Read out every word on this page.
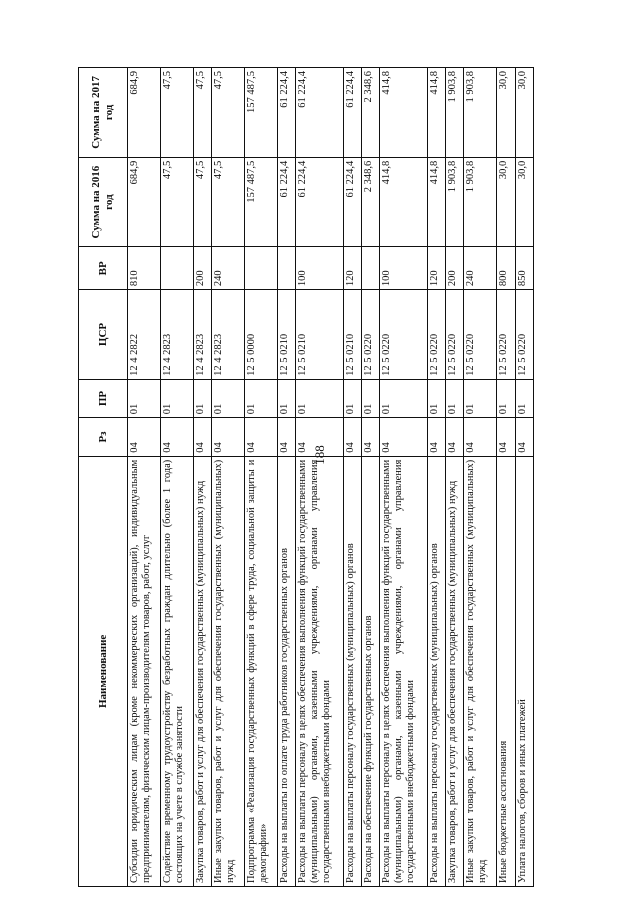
188
Наименование	Рз	ПР	ЦСР	ВР	Сумма на 2016 год	Сумма на 2017 год
Субсидии юридическим лицам (кроме некоммерческих организаций), индивидуальным предпринимателям, физическим лицам-производителям товаров, работ, услуг	04	01	12 4 2822	810	684,9	684,9
Содействие временному трудоустройству безработных граждан длительно (более 1 года) состоящих на учете в службе занятости	04	01	12 4 2823		47,5	47,5
Закупка товаров, работ и услуг для обеспечения государственных (муниципальных) нужд	04	01	12 4 2823	200	47,5	47,5
Иные закупки товаров, работ и услуг для обеспечения государственных (муниципальных) нужд	04	01	12 4 2823	240	47,5	47,5
Подпрограмма «Реализация государственных функций в сфере труда, социальной защиты и демографии»	04	01	12 5 0000		157 487,5	157 487,5
Расходы на выплаты по оплате труда работников государственных органов	04	01	12 5 0210		61 224,4	61 224,4
Расходы на выплаты персоналу в целях обеспечения выполнения функций государственными (муниципальными) органами, казенными учреждениями, органами управления государственными внебюджетными фондами	04	01	12 5 0210	100	61 224,4	61 224,4
Расходы на выплаты персоналу государственных (муниципальных) органов	04	01	12 5 0210	120	61 224,4	61 224,4
Расходы на обеспечение функций государственных органов	04	01	12 5 0220		2 348,6	2 348,6
Расходы на выплаты персоналу в целях обеспечения выполнения функций государственными (муниципальными) органами, казенными учреждениями, органами управления государственными внебюджетными фондами	04	01	12 5 0220	100	414,8	414,8
Расходы на выплаты персоналу государственных (муниципальных) органов	04	01	12 5 0220	120	414,8	414,8
Закупка товаров, работ и услуг для обеспечения государственных (муниципальных) нужд	04	01	12 5 0220	200	1 903,8	1 903,8
Иные закупки товаров, работ и услуг для обеспечения государственных (муниципальных) нужд	04	01	12 5 0220	240	1 903,8	1 903,8
Иные бюджетные ассигнования	04	01	12 5 0220	800	30,0	30,0
Уплата налогов, сборов и иных платежей	04	01	12 5 0220	850	30,0	30,0
